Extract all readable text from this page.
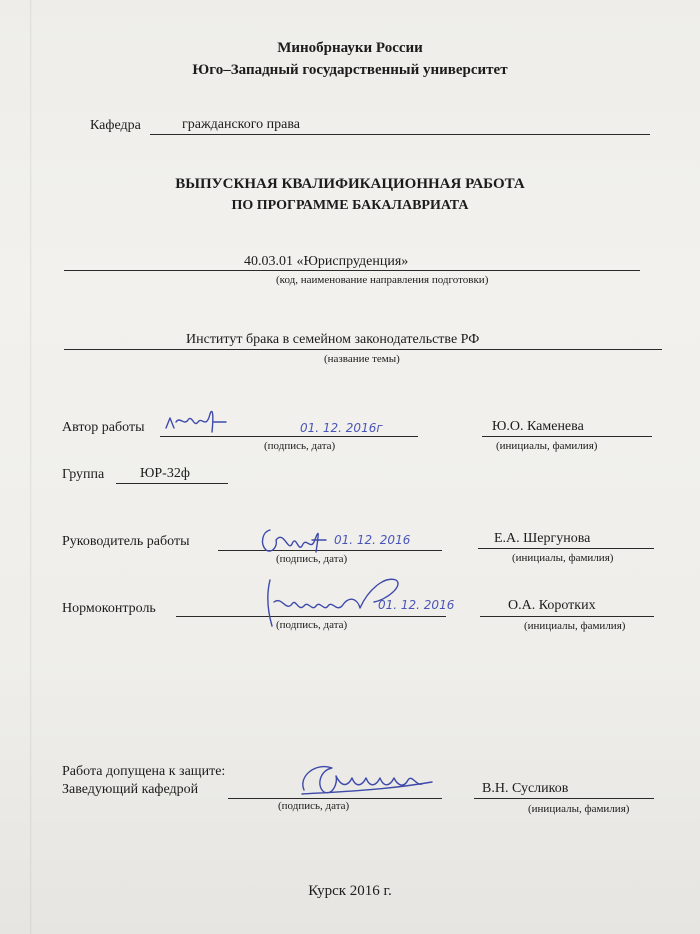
Минобрнауки России
Юго–Западный государственный университет
Кафедра	гражданского права
ВЫПУСКНАЯ КВАЛИФИКАЦИОННАЯ РАБОТА
ПО ПРОГРАММЕ БАКАЛАВРИАТА
40.03.01 «Юриспруденция»
(код, наименование направления подготовки)
Институт брака в семейном законодательстве РФ
(название темы)
Автор работы	01. 12. 2016г
(подпись, дата)
Ю.О. Каменева
(инициалы, фамилия)
Группа	ЮР-32ф
Руководитель работы	01. 12. 2016
(подпись, дата)
Е.А. Шергунова
(инициалы, фамилия)
Нормоконтроль	01. 12. 2016
(подпись, дата)
О.А. Коротких
(инициалы, фамилия)
Работа допущена к защите:
Заведующий кафедрой
(подпись, дата)
В.Н. Сусликов
(инициалы, фамилия)
Курск 2016 г.
